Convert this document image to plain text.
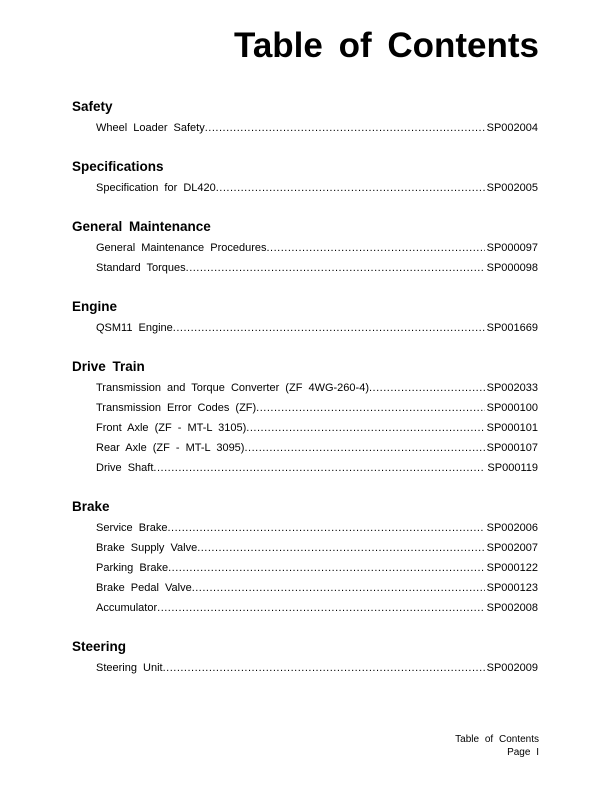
Table of Contents
Safety
Wheel Loader Safety .....	SP002004
Specifications
Specification for DL420 .....	SP002005
General Maintenance
General Maintenance Procedures .....	SP000097
Standard Torques .....	SP000098
Engine
QSM11 Engine .....	SP001669
Drive Train
Transmission and Torque Converter (ZF 4WG-260-4) .....	SP002033
Transmission Error Codes (ZF) .....	SP000100
Front Axle (ZF - MT-L 3105) .....	SP000101
Rear Axle (ZF - MT-L 3095) .....	SP000107
Drive Shaft .....	SP000119
Brake
Service Brake .....	SP002006
Brake Supply Valve .....	SP002007
Parking Brake .....	SP000122
Brake Pedal Valve .....	SP000123
Accumulator .....	SP002008
Steering
Steering Unit .....	SP002009
Table of Contents
Page I
